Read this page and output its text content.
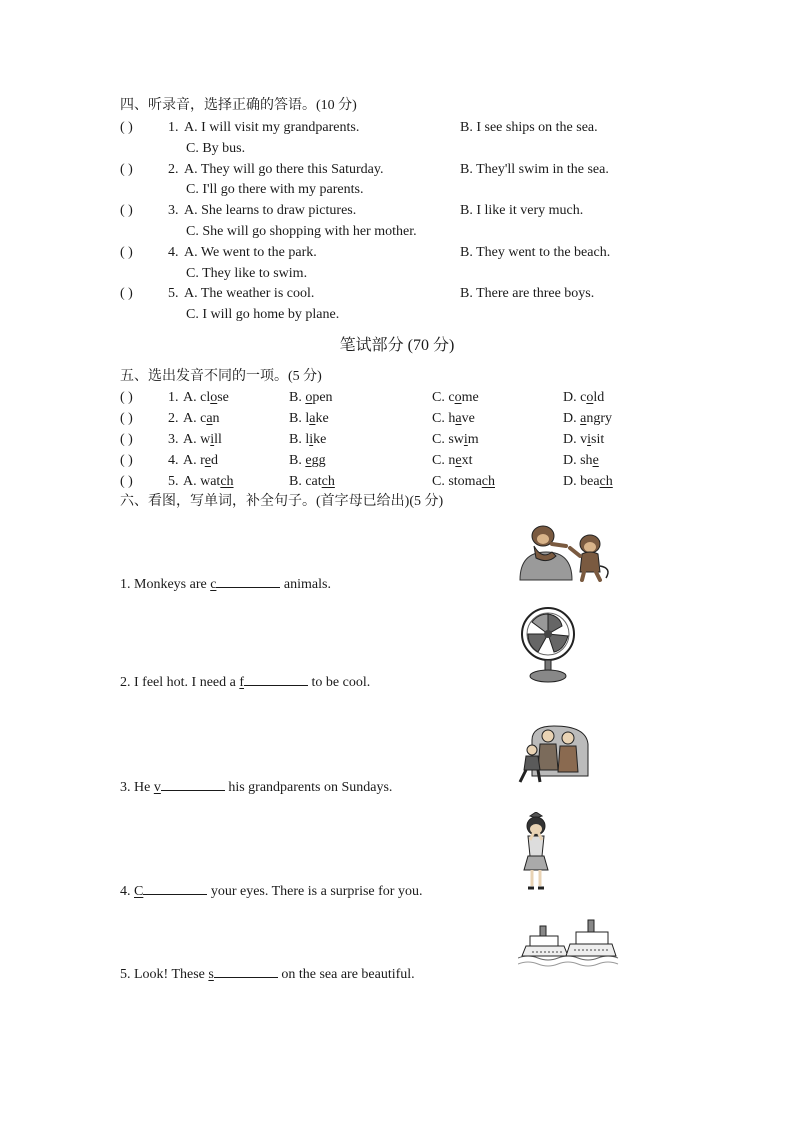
四、听录音，选择正确的答语。(10 分)
( )	1. A. I will visit my grandparents.	B. I see ships on the sea.
C. By bus.
( )	2. A. They will go there this Saturday.	B. They'll swim in the sea.
C. I'll go there with my parents.
( )	3. A. She learns to draw pictures.	B. I like it very much.
C. She will go shopping with her mother.
( )	4. A. We went to the park.	B. They went to the beach.
C. They like to swim.
( )	5. A. The weather is cool.	B. There are three boys.
C. I will go home by plane.
笔试部分 (70 分)
五、选出发音不同的一项。(5 分)
( )	1. A. close	B. open	C. come	D. cold
( )	2. A. can	B. lake	C. have	D. angry
( )	3. A. will	B. like	C. swim	D. visit
( )	4. A. red	B. egg	C. next	D. she
( )	5. A. watch	B. catch	C. stomach	D. beach
六、看图，写单词，补全句子。(首字母已给出)(5 分)
1. Monkeys are c	animals.
2. I feel hot. I need a f	to be cool.
3. He v	his grandparents on Sundays.
4. C	your eyes. There is a surprise for you.
5. Look! These s	on the sea are beautiful.
